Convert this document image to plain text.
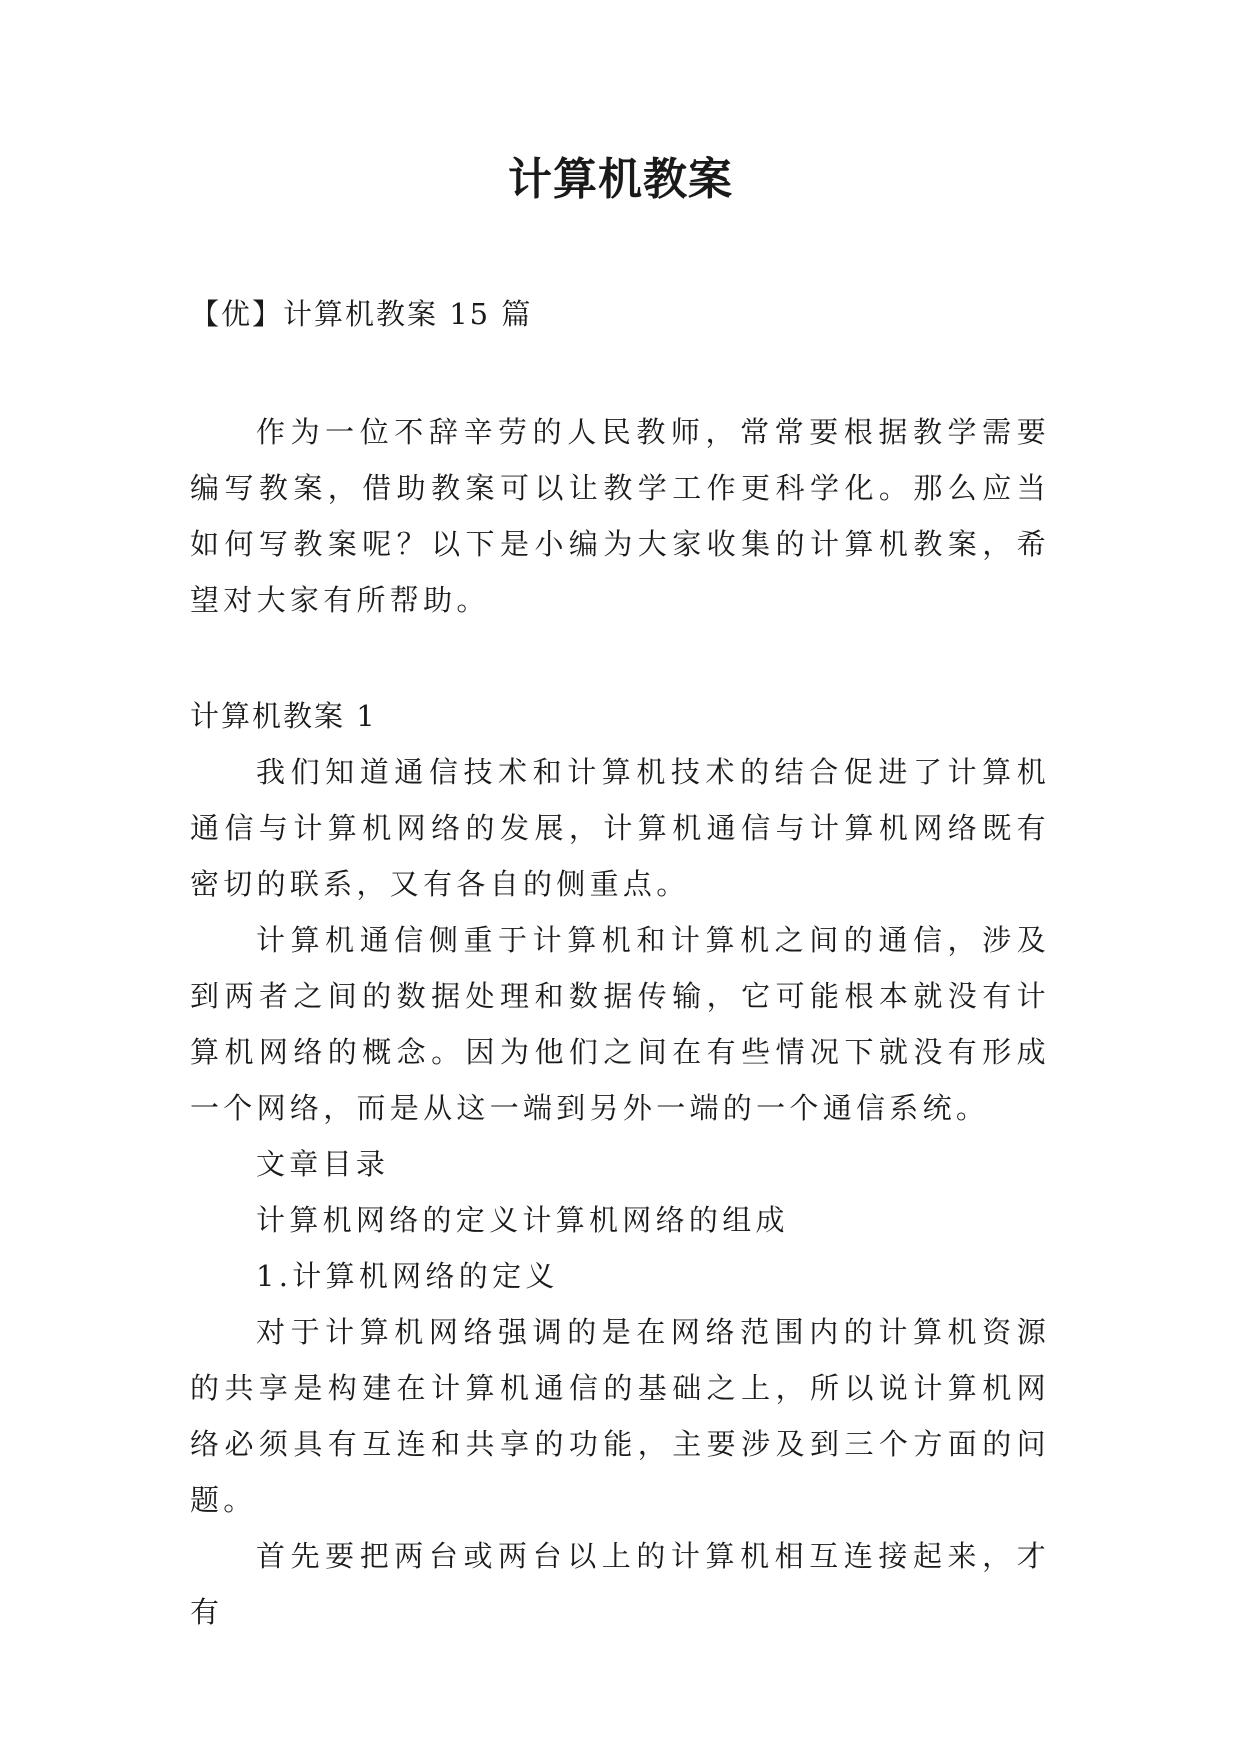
计算机教案
【优】计算机教案 15 篇

作为一位不辞辛劳的人民教师，常常要根据教学需要编写教案，借助教案可以让教学工作更科学化。那么应当如何写教案呢？以下是小编为大家收集的计算机教案，希望对大家有所帮助。

计算机教案 1

我们知道通信技术和计算机技术的结合促进了计算机通信与计算机网络的发展，计算机通信与计算机网络既有密切的联系，又有各自的侧重点。

计算机通信侧重于计算机和计算机之间的通信，涉及到两者之间的数据处理和数据传输，它可能根本就没有计算机网络的概念。因为他们之间在有些情况下就没有形成一个网络，而是从这一端到另外一端的一个通信系统。

文章目录

计算机网络的定义计算机网络的组成

1.计算机网络的定义

对于计算机网络强调的是在网络范围内的计算机资源的共享是构建在计算机通信的基础之上，所以说计算机网络必须具有互连和共享的功能，主要涉及到三个方面的问题。

首先要把两台或两台以上的计算机相互连接起来，才有
